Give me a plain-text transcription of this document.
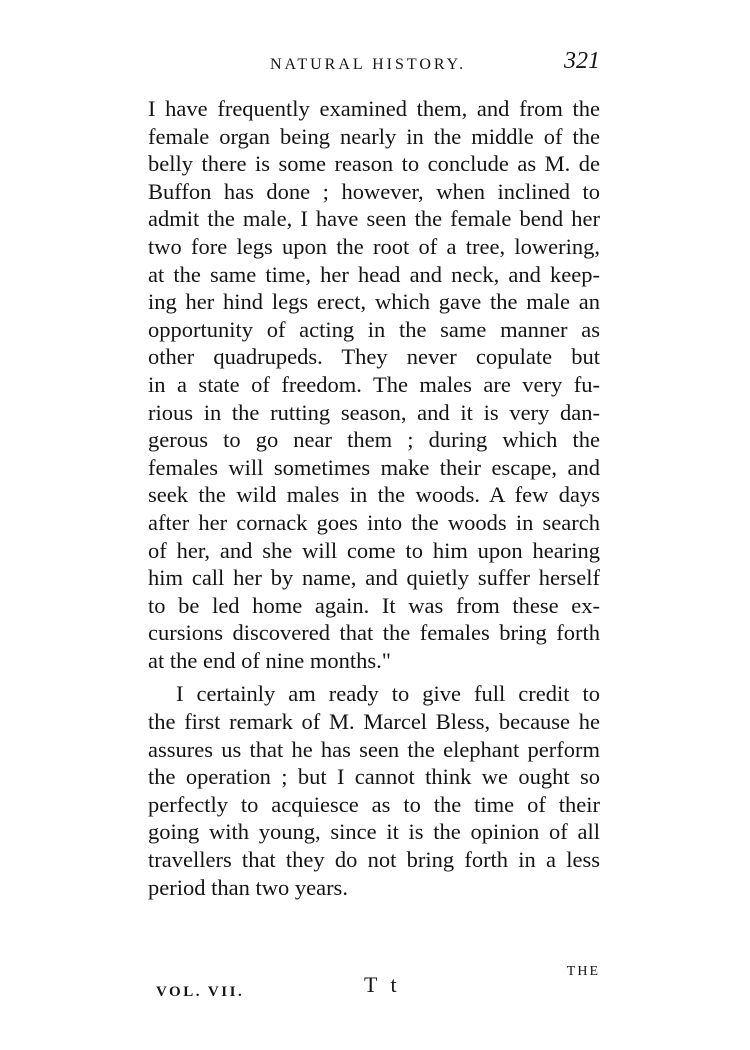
NATURAL HISTORY.	321
I have frequently examined them, and from the
female organ being nearly in the middle of the
belly there is some reason to conclude as M. de
Buffon has done ; however, when inclined to
admit the male, I have seen the female bend her
two fore legs upon the root of a tree, lowering,
at the same time, her head and neck, and keep-
ing her hind legs erect, which gave the male an
opportunity of acting in the same manner as
other quadrupeds. They never copulate but
in a state of freedom. The males are very fu-
rious in the rutting season, and it is very dan-
gerous to go near them ; during which the
females will sometimes make their escape, and
seek the wild males in the woods. A few days
after her cornack goes into the woods in search
of her, and she will come to him upon hearing
him call her by name, and quietly suffer herself
to be led home again. It was from these ex-
cursions discovered that the females bring forth
at the end of nine months."
I certainly am ready to give full credit to
the first remark of M. Marcel Bless, because he
assures us that he has seen the elephant perform
the operation ; but I cannot think we ought so
perfectly to acquiesce as to the time of their
going with young, since it is the opinion of all
travellers that they do not bring forth in a less
period than two years.
VOL. VII.	T t
THE
